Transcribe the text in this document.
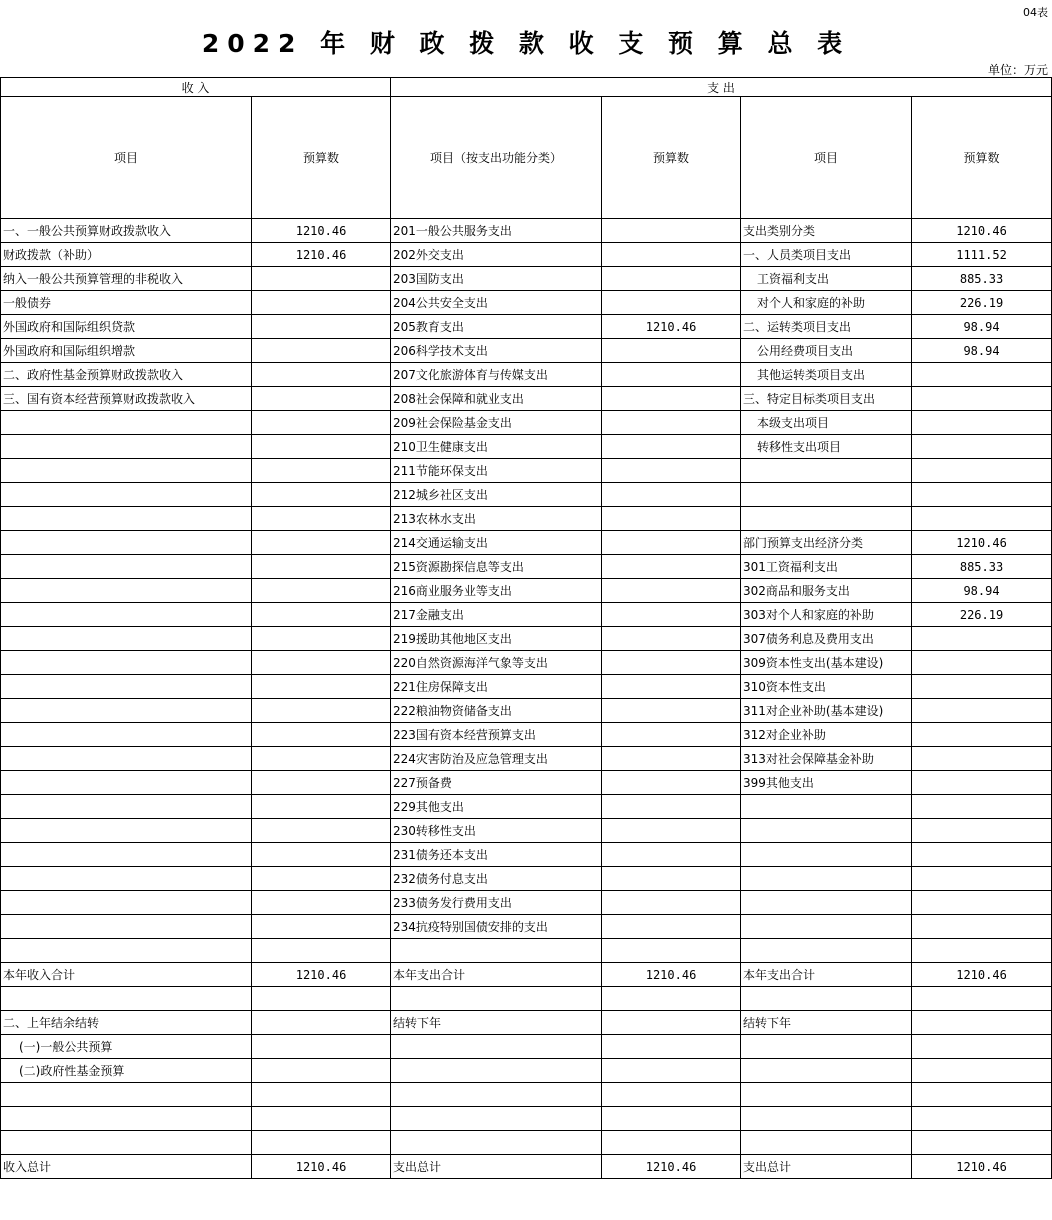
04表
2022 年 财 政 拨 款 收 支 预 算 总 表
单位：万元
收 入		支 出			
项目	预算数	项目（按支出功能分类）	预算数	项目	预算数
一、一般公共预算财政拨款收入	1210.46	201一般公共服务支出		支出类别分类	1210.46
财政拨款（补助）	1210.46	202外交支出		一、人员类项目支出	1111.52
纳入一般公共预算管理的非税收入		203国防支出		工资福利支出	885.33
一般债券		204公共安全支出		对个人和家庭的补助	226.19
外国政府和国际组织贷款		205教育支出	1210.46	二、运转类项目支出	98.94
外国政府和国际组织增款		206科学技术支出		公用经费项目支出	98.94
二、政府性基金预算财政拨款收入		207文化旅游体育与传媒支出		其他运转类项目支出	
三、国有资本经营预算财政拨款收入		208社会保障和就业支出		三、特定目标类项目支出	
		209社会保险基金支出		本级支出项目	
		210卫生健康支出		转移性支出项目	
		211节能环保支出			
		212城乡社区支出			
		213农林水支出			
		214交通运输支出		部门预算支出经济分类	1210.46
		215资源勘探信息等支出		301工资福利支出	885.33
		216商业服务业等支出		302商品和服务支出	98.94
		217金融支出		303对个人和家庭的补助	226.19
		219援助其他地区支出		307债务利息及费用支出	
		220自然资源海洋气象等支出		309资本性支出(基本建设)	
		221住房保障支出		310资本性支出	
		222粮油物资储备支出		311对企业补助(基本建设)	
		223国有资本经营预算支出		312对企业补助	
		224灾害防治及应急管理支出		313对社会保障基金补助	
		227预备费		399其他支出	
		229其他支出			
		230转移性支出			
		231债务还本支出			
		232债务付息支出			
		233债务发行费用支出			
		234抗疫特别国债安排的支出			

本年收入合计	1210.46	本年支出合计	1210.46	本年支出合计	1210.46

二、上年结余结转		结转下年		结转下年	
(一)一般公共预算					
(二)政府性基金预算					

收入总计	1210.46	支出总计	1210.46	支出总计	1210.46
